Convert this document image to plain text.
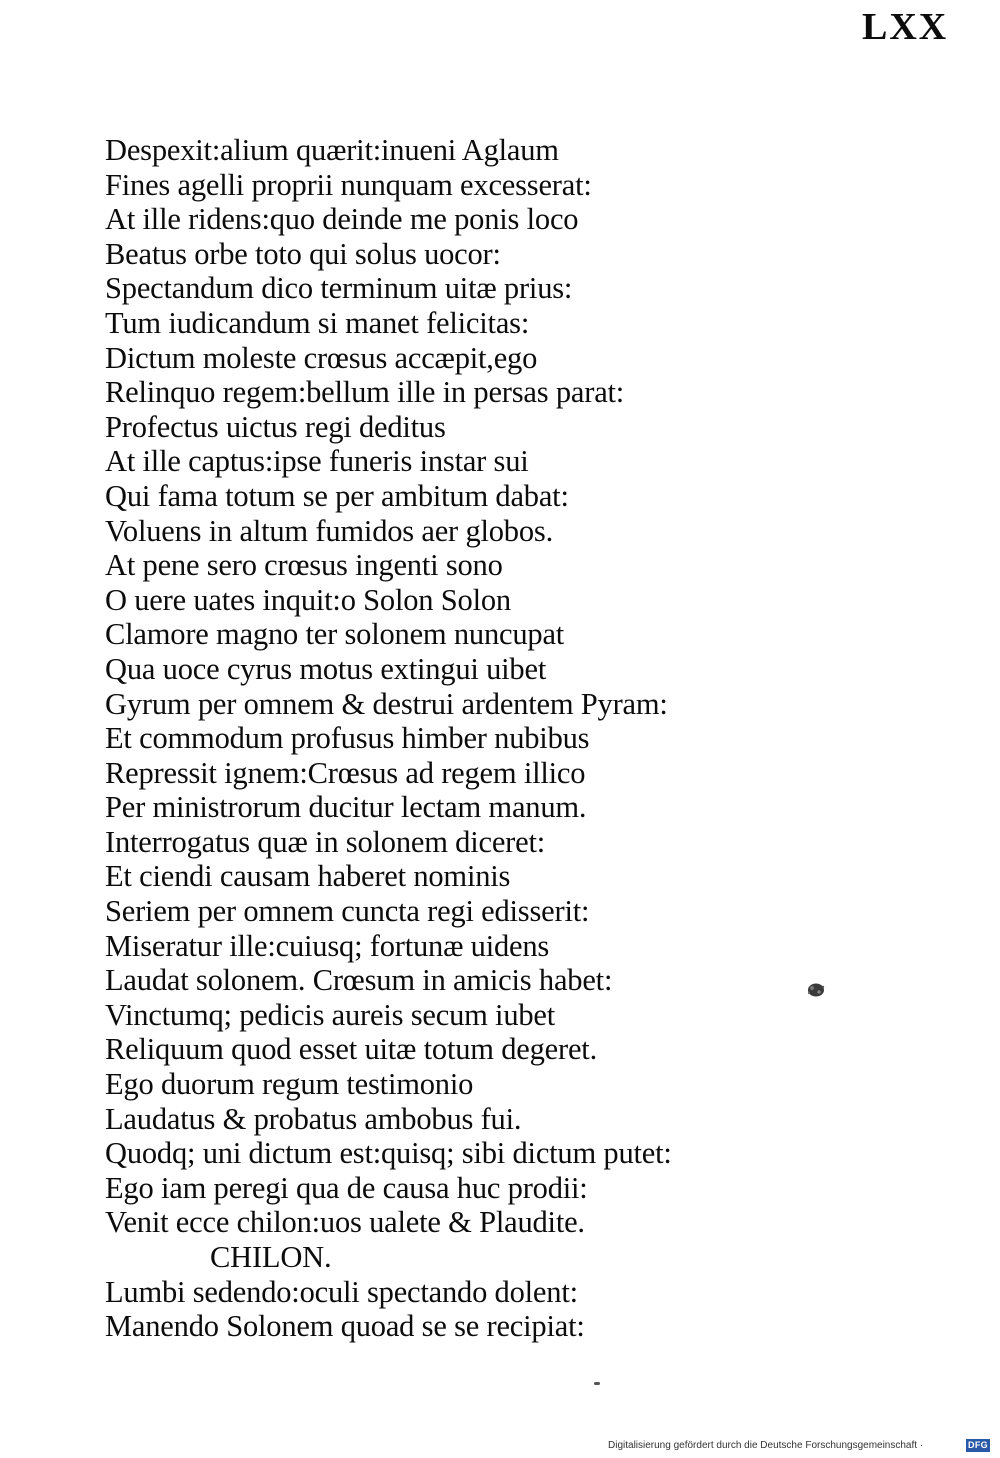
LXX
Despexit:alium quærit:inueni Aglaum
Fines agelli proprii nunquam excesserat:
At ille ridens:quo deinde me ponis loco
Beatus orbe toto qui solus uocor:
Spectandum dico terminum uitæ prius:
Tum iudicandum si manet felicitas:
Dictum moleste crœsus accæpit,ego
Relinquo regem:bellum ille in persas parat:
Profectus uictus regi deditus
At ille captus:ipse funeris instar sui
Qui fama totum se per ambitum dabat:
Voluens in altum fumidos aer globos.
At pene sero crœsus ingenti sono
O uere uates inquit:o Solon Solon
Clamore magno ter solonem nuncupat
Qua uoce cyrus motus extingui uibet
Gyrum per omnem & destrui ardentem Pyram:
Et commodum profusus himber nubibus
Repressit ignem:Crœsus ad regem illico
Per ministrorum ducitur lectam manum.
Interrogatus quæ in solonem diceret:
Et ciendi causam haberet nominis
Seriem per omnem cuncta regi edisserit:
Miseratur ille:cuiusq; fortunæ uidens
Laudat solonem. Crœsum in amicis habet:
Vinctumq; pedicis aureis secum iubet
Reliquum quod esset uitæ totum degeret.
Ego duorum regum testimonio
Laudatus & probatus ambobus fui.
Quodq; uni dictum est:quisq; sibi dictum putet:
Ego iam peregi qua de causa huc prodii:
Venit ecce chilon:uos ualete & Plaudite.
CHILON.
Lumbi sedendo:oculi spectando dolent:
Manendo Solonem quoad se se recipiat:
Digitalisierung gefördert durch die Deutsche Forschungsgemeinschaft ·	DFG
